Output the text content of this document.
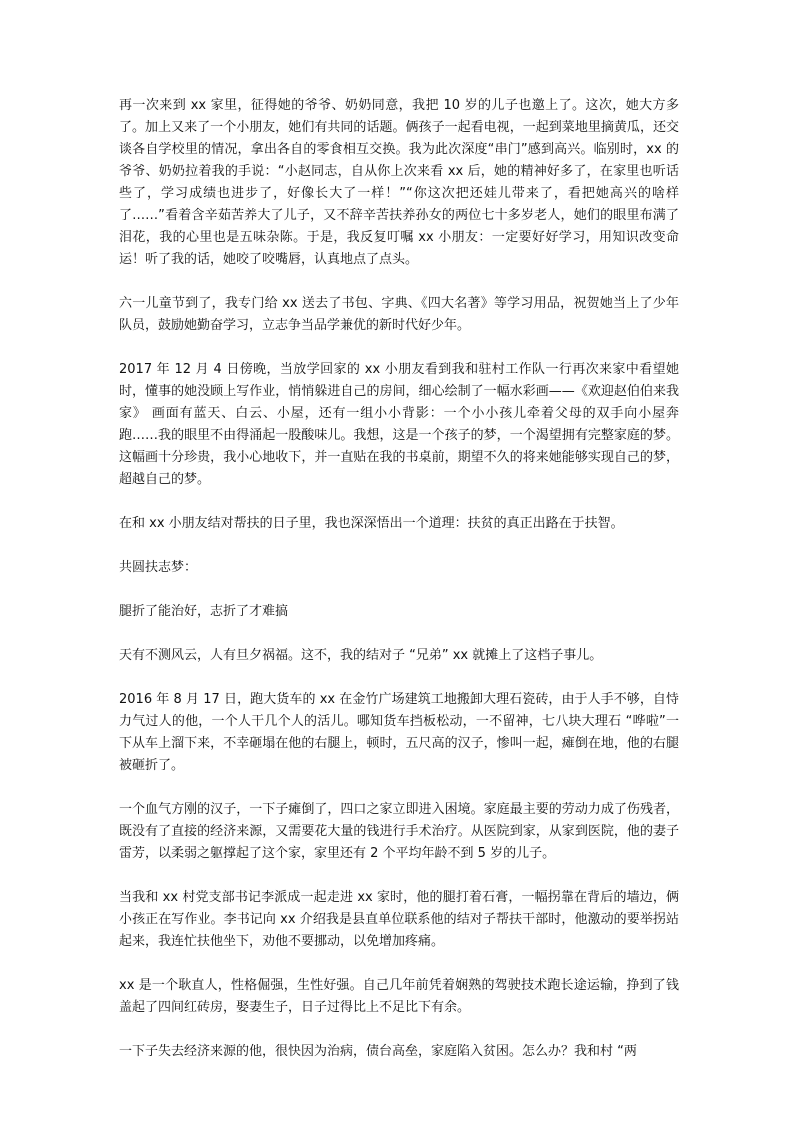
再一次来到 xx 家里，征得她的爷爷、奶奶同意，我把 10 岁的儿子也邀上了。这次，她大方多了。加上又来了一个小朋友，她们有共同的话题。俩孩子一起看电视，一起到菜地里摘黄瓜，还交谈各自学校里的情况，拿出各自的零食相互交换。我为此次深度“串门”感到高兴。临别时，xx 的爷爷、奶奶拉着我的手说：“小赵同志，自从你上次来看 xx 后，她的精神好多了，在家里也听话些了，学习成绩也进步了，好像长大了一样！”“你这次把还娃儿带来了，看把她高兴的啥样了……”看着含辛茹苦养大了儿子，又不辞辛苦扶养孙女的两位七十多岁老人，她们的眼里布满了泪花，我的心里也是五味杂陈。于是，我反复叮嘱 xx 小朋友：一定要好好学习，用知识改变命运！听了我的话，她咬了咬嘴唇，认真地点了点头。

六一儿童节到了，我专门给 xx 送去了书包、字典、《四大名著》等学习用品，祝贺她当上了少年队员，鼓励她勤奋学习，立志争当品学兼优的新时代好少年。

2017 年 12 月 4 日傍晚，当放学回家的 xx 小朋友看到我和驻村工作队一行再次来家中看望她时，懂事的她没顾上写作业，悄悄躲进自己的房间，细心绘制了一幅水彩画——《欢迎赵伯伯来我家》 画面有蓝天、白云、小屋，还有一组小小背影：一个小小孩儿牵着父母的双手向小屋奔跑……我的眼里不由得涌起一股酸味儿。我想，这是一个孩子的梦，一个渴望拥有完整家庭的梦。这幅画十分珍贵，我小心地收下，并一直贴在我的书桌前，期望不久的将来她能够实现自己的梦，超越自己的梦。

在和 xx 小朋友结对帮扶的日子里，我也深深悟出一个道理：扶贫的真正出路在于扶智。

共圆扶志梦：

腿折了能治好，志折了才难搞

天有不测风云，人有旦夕祸福。这不，我的结对子 “兄弟” xx 就摊上了这档子事儿。

2016 年 8 月 17 日，跑大货车的 xx 在金竹广场建筑工地搬卸大理石瓷砖，由于人手不够，自恃力气过人的他，一个人干几个人的活儿。哪知货车挡板松动，一不留神，七八块大理石 “哗啦”一下从车上溜下来，不幸砸塌在他的右腿上，顿时，五尺高的汉子，惨叫一起，瘫倒在地，他的右腿被砸折了。

一个血气方刚的汉子，一下子瘫倒了，四口之家立即进入困境。家庭最主要的劳动力成了伤残者，既没有了直接的经济来源，又需要花大量的钱进行手术治疗。从医院到家，从家到医院，他的妻子雷芳，以柔弱之躯撑起了这个家，家里还有 2 个平均年龄不到 5 岁的儿子。

当我和 xx 村党支部书记李派成一起走进 xx 家时，他的腿打着石膏，一幅拐靠在背后的墙边，俩小孩正在写作业。李书记向 xx 介绍我是县直单位联系他的结对子帮扶干部时，他激动的要举拐站起来，我连忙扶他坐下，劝他不要挪动，以免增加疼痛。

xx 是一个耿直人，性格倔强，生性好强。自己几年前凭着娴熟的驾驶技术跑长途运输，挣到了钱盖起了四间红砖房，娶妻生子，日子过得比上不足比下有余。

一下子失去经济来源的他，很快因为治病，债台高垒，家庭陷入贫困。怎么办？我和村 “两
